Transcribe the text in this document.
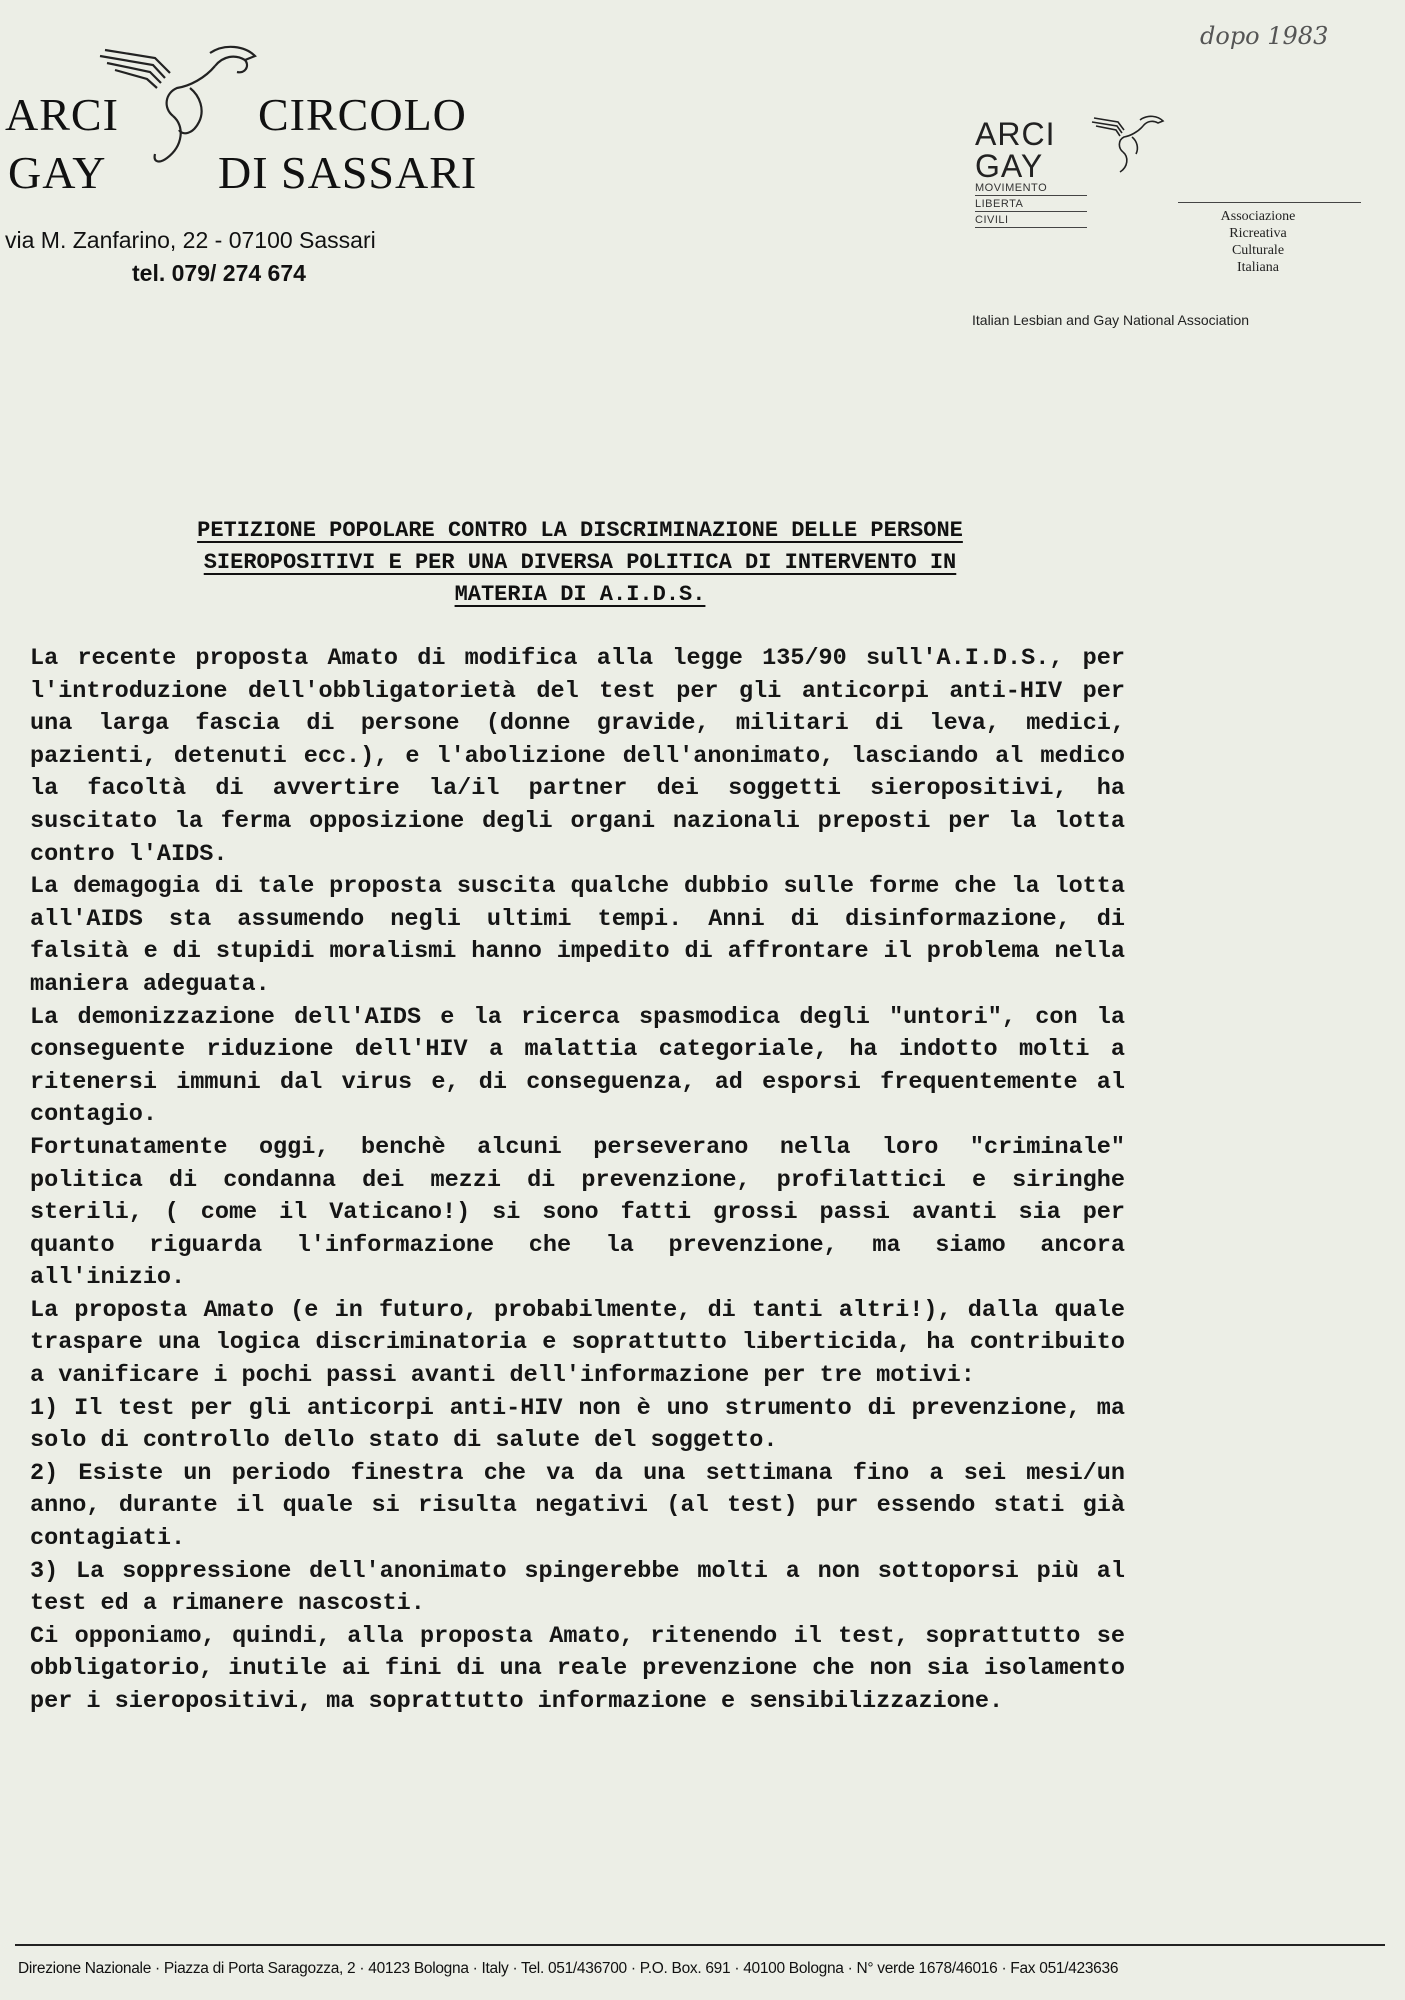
ARCI
GAY
CIRCOLO
DI SASSARI
via M. Zanfarino, 22 - 07100 Sassari
tel. 079/ 274 674
dopo 1983
ARCI
GAY
MOVIMENTO
LIBERTA
CIVILI	Associazione
Ricreativa
Culturale
Italiana
Italian Lesbian and Gay National Association
PETIZIONE POPOLARE CONTRO LA DISCRIMINAZIONE DELLE PERSONE
SIEROPOSITIVI E PER UNA DIVERSA POLITICA DI INTERVENTO IN
MATERIA DI A.I.D.S.

La recente proposta Amato di modifica alla legge 135/90 sull'A.I.D.S., per l'introduzione dell'obbligatorietà del test per gli anticorpi anti-HIV per una larga fascia di persone (donne gravide, militari di leva, medici, pazienti, detenuti ecc.), e l'abolizione dell'anonimato, lasciando al medico la facoltà di avvertire la/il partner dei soggetti sieropositivi, ha suscitato la ferma opposizione degli organi nazionali preposti per la lotta contro l'AIDS.

La demagogia di tale proposta suscita qualche dubbio sulle forme che la lotta all'AIDS sta assumendo negli ultimi tempi. Anni di disinformazione, di falsità e di stupidi moralismi hanno impedito di affrontare il problema nella maniera adeguata.

La demonizzazione dell'AIDS e la ricerca spasmodica degli "untori", con la conseguente riduzione dell'HIV a malattia categoriale, ha indotto molti a ritenersi immuni dal virus e, di conseguenza, ad esporsi frequentemente al contagio.

Fortunatamente oggi, benchè alcuni perseverano nella loro "criminale" politica di condanna dei mezzi di prevenzione, profilattici e siringhe sterili, ( come il Vaticano!) si sono fatti grossi passi avanti sia per quanto riguarda l'informazione che la prevenzione, ma siamo ancora all'inizio.

La proposta Amato (e in futuro, probabilmente, di tanti altri!), dalla quale traspare una logica discriminatoria e soprattutto liberticida, ha contribuito a vanificare i pochi passi avanti dell'informazione per tre motivi:

1) Il test per gli anticorpi anti-HIV non è uno strumento di prevenzione, ma solo di controllo dello stato di salute del soggetto.

2) Esiste un periodo finestra che va da una settimana fino a sei mesi/un anno, durante il quale si risulta negativi (al test) pur essendo stati già contagiati.

3) La soppressione dell'anonimato spingerebbe molti a non sottoporsi più al test ed a rimanere nascosti.

Ci opponiamo, quindi, alla proposta Amato, ritenendo il test, soprattutto se obbligatorio, inutile ai fini di una reale prevenzione che non sia isolamento per i sieropositivi, ma soprattutto informazione e sensibilizzazione.

Direzione Nazionale · Piazza di Porta Saragozza, 2 · 40123 Bologna · Italy · Tel. 051/436700 · P.O. Box. 691 · 40100 Bologna · N° verde 1678/46016 · Fax 051/423636
